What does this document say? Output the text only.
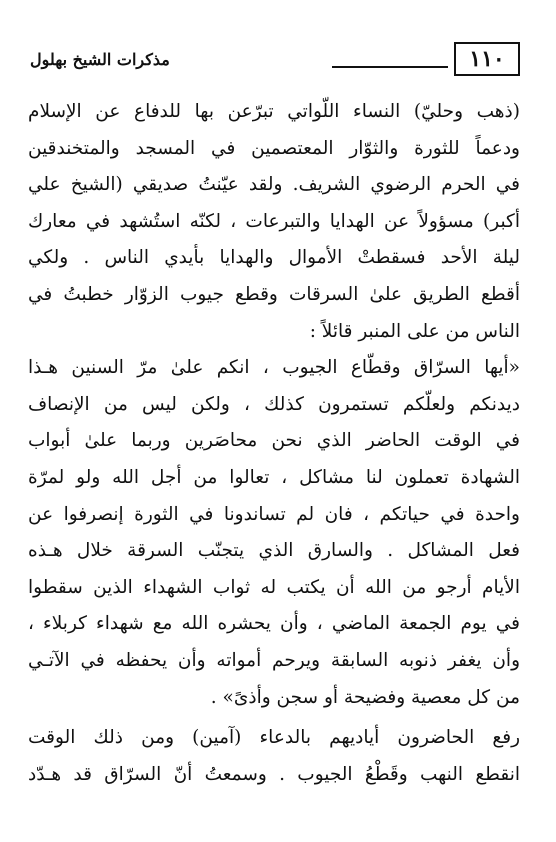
١١٠
مذكرات الشيخ بهلول
(ذهب وحليّ) النساء اللّواتي تبرّعن بها للدفاع عن الإسلام
ودعماً للثورة والثوّار المعتصمين في المسجد والمتخندقين
في الحرم الرضوي الشريف. ولقد عيّنتُ صديقي (الشيخ علي
أكبر) مسؤولاً عن الهدايا والتبرعات ، لكنّه استُشهد في معارك
ليلة الأحد فسقطتْ الأموال والهدايا بأيدي الناس . ولكي
أقطع الطريق علىٰ السرقات وقطع جيوب الزوّار خطبتُ في
الناس من على المنبر قائلاً :
«أيها السرّاق وقطّاع الجيوب ، انكم علىٰ مرّ السنين هـذا
ديدنكم ولعلّكم تستمرون كذلك ، ولكن ليس من الإنصاف
في الوقت الحاضر الذي نحن محاصَرين وربما علىٰ أبواب
الشهادة تعملون لنا مشاكل ، تعالوا من أجل الله ولو لمرّة
واحدة في حياتكم ، فان لم تساندونا في الثورة إنصرفوا عن
فعل المشاكل . والسارق الذي يتجنّب السرقة خلال هـذه
الأيام أرجو من الله أن يكتب له ثواب الشهداء الذين سقطوا
في يوم الجمعة الماضي ، وأن يحشره الله مع شهداء كربلاء ،
وأن يغفر ذنوبه السابقة ويرحم أمواته وأن يحفظه في الآتـي
من كل معصية وفضيحة أو سجن وأذىً» .
رفع الحاضرون أياديهم بالدعاء (آمين) ومن ذلك الوقت
انقطع النهب وقَطْعُ الجيوب . وسمعتُ أنّ السرّاق قد هـدّد
